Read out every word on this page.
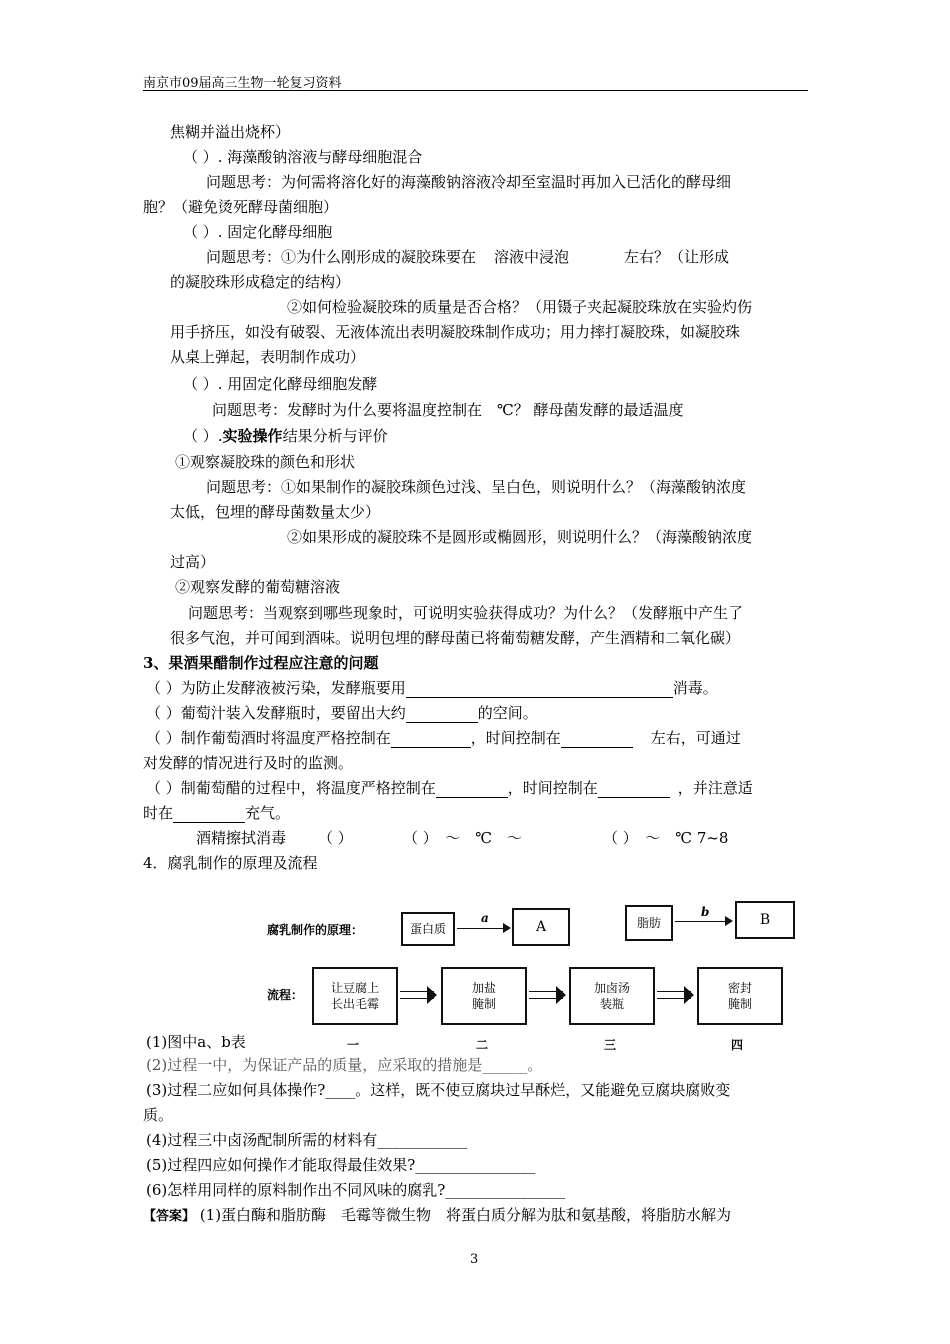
南京市09届高三生物一轮复习资料
焦糊并溢出烧杯）
（ ）. 海藻酸钠溶液与酵母细胞混合
问题思考：为何需将溶化好的海藻酸钠溶液冷却至室温时再加入已活化的酵母细
胞？（避免烫死酵母菌细胞）
（ ）. 固定化酵母细胞
问题思考：①为什么刚形成的凝胶珠要在 溶液中浸泡	左右？（让形成
的凝胶珠形成稳定的结构）
②如何检验凝胶珠的质量是否合格？（用镊子夹起凝胶珠放在实验灼伤
用手挤压，如没有破裂、无液体流出表明凝胶珠制作成功；用力摔打凝胶珠，如凝胶珠
从桌上弹起，表明制作成功）
（ ）. 用固定化酵母细胞发酵
问题思考：发酵时为什么要将温度控制在　℃？ 酵母菌发酵的最适温度
（ ）.实验操作结果分析与评价
①观察凝胶珠的颜色和形状
问题思考：①如果制作的凝胶珠颜色过浅、呈白色，则说明什么？（海藻酸钠浓度
太低，包埋的酵母菌数量太少）
②如果形成的凝胶珠不是圆形或椭圆形，则说明什么？（海藻酸钠浓度
过高）
②观察发酵的葡萄糖溶液
问题思考：当观察到哪些现象时，可说明实验获得成功？为什么？（发酵瓶中产生了
很多气泡，并可闻到酒味。说明包埋的酵母菌已将葡萄糖发酵，产生酒精和二氧化碳）
3、果酒果醋制作过程应注意的问题
（ ）为防止发酵液被污染，发酵瓶要用	消毒。
（ ）葡萄汁装入发酵瓶时，要留出大约	的空间。
（ ）制作葡萄酒时将温度严格控制在	，时间控制在	左右，可通过
对发酵的情况进行及时的监测。
（ ）制葡萄醋的过程中，将温度严格控制在	，时间控制在	，并注意适
时在	充气。
酒精擦拭消毒 （ ）	（ ）　～　℃　～	（ ）　～　℃ 7~8
4．腐乳制作的原理及流程
腐乳制作的原理：	蛋白质
a
A	脂肪
b	B
流程：	让豆腐上
长出毛霉
加盐
腌制
加卤汤
装瓶
密封
腌制
一	二	三	四
(1)图中a、b表
(2)过程一中，为保证产品的质量，应采取的措施是______。
(3)过程二应如何具体操作?____。这样，既不使豆腐块过早酥烂，又能避免豆腐块腐败变
质。
(4)过程三中卤汤配制所需的材料有____________
(5)过程四应如何操作才能取得最佳效果?________________
(6)怎样用同样的原料制作出不同风味的腐乳?________________
【答案】 (1)蛋白酶和脂肪酶　毛霉等微生物　将蛋白质分解为肽和氨基酸，将脂肪水解为
3
